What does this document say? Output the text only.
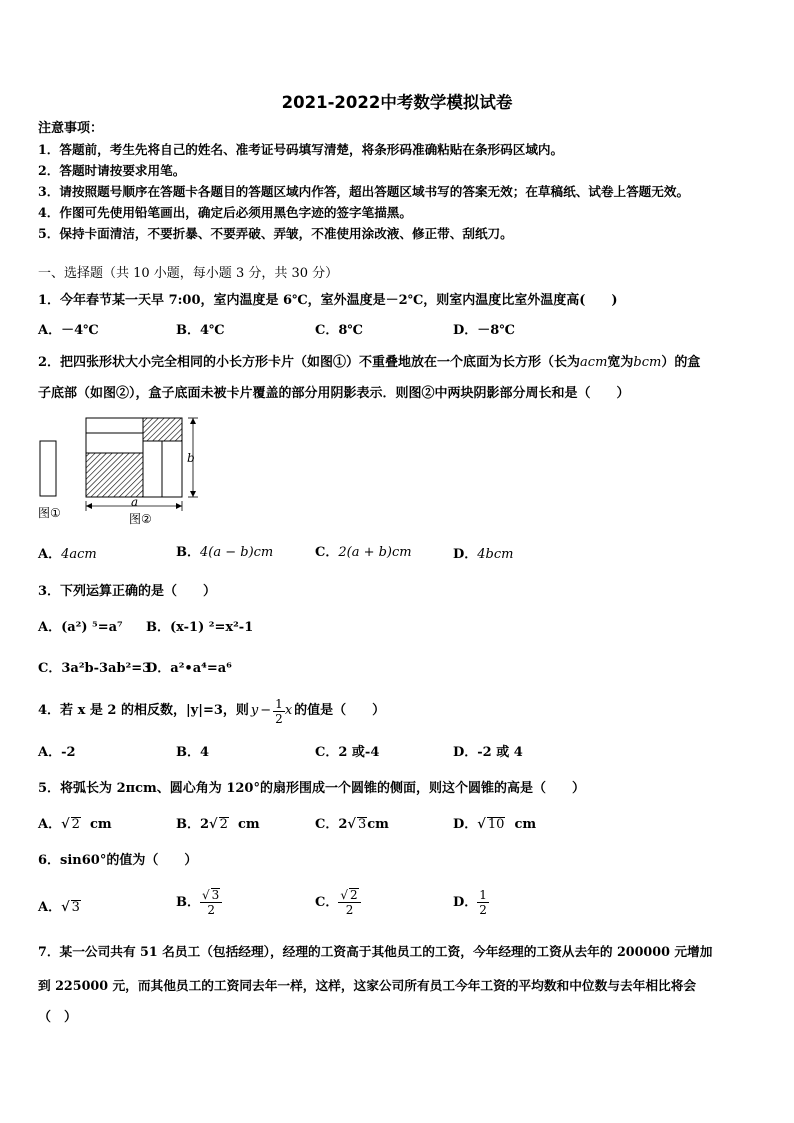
2021-2022中考数学模拟试卷
注意事项：
1．答题前，考生先将自己的姓名、准考证号码填写清楚，将条形码准确粘贴在条形码区域内。
2．答题时请按要求用笔。
3．请按照题号顺序在答题卡各题目的答题区域内作答，超出答题区域书写的答案无效；在草稿纸、试卷上答题无效。
4．作图可先使用铅笔画出，确定后必须用黑色字迹的签字笔描黑。
5．保持卡面清洁，不要折暴、不要弄破、弄皱，不准使用涂改液、修正带、刮纸刀。
一、选择题（共 10 小题，每小题 3 分，共 30 分）
1．今年春节某一天早 7:00，室内温度是 6℃，室外温度是－2℃，则室内温度比室外温度高(　　)
A．－4℃	B．4℃	C．8℃	D．－8℃
2．把四张形状大小完全相同的小长方形卡片（如图①）不重叠地放在一个底面为长方形（长为acm宽为bcm）的盒
子底部（如图②），盒子底面未被卡片覆盖的部分用阴影表示．则图②中两块阴影部分周长和是（　　）
b
a
图①	图②
A．4acm	B．4(a − b)cm	C．2(a + b)cm	D．4bcm
3．下列运算正确的是（　　）
A．(a²) ⁵=a⁷ B．(x-1) ²=x²-1
C．3a²b-3ab²=3
D．a²•a⁴=a⁶
4．若 x 是 2 的相反数，|y|=3，则 $y - \frac{1}{2}$ x 的值是（　　）
A．-2	B．4	C．2 或-4	D．-2 或 4
5．将弧长为 2πcm、圆心角为 120°的扇形围成一个圆锥的侧面，则这个圆锥的高是（　　）
A．√ 2 cm	B．2√ 2 cm	C．2√ 3cm	D．√ 10 cm
6．sin60°的值为（　　）
A．√ 3	B． $\frac{√ 3}{2}$	C． $\frac{√ 2}{2}$	D． $\frac{1}{2}$
7．某一公司共有 51 名员工（包括经理），经理的工资高于其他员工的工资，今年经理的工资从去年的 200000 元增加
到 225000 元，而其他员工的工资同去年一样，这样，这家公司所有员工今年工资的平均数和中位数与去年相比将会
（　）
